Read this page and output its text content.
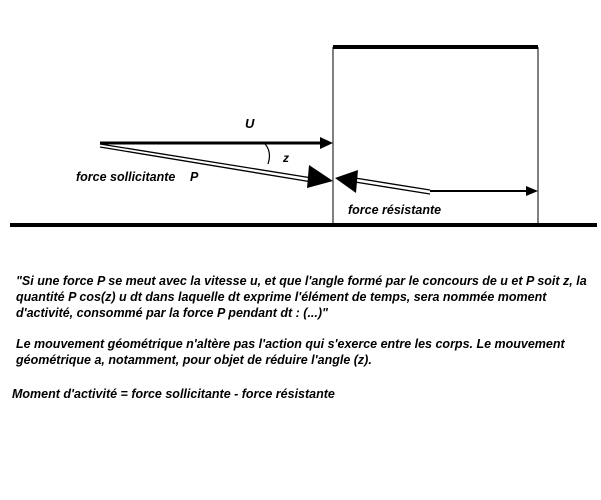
U
z
force sollicitante P
force résistante

"Si une force P se meut avec la vitesse u, et que l'angle formé par le concours de u et P soit z, la quantité P cos(z) u dt dans laquelle dt exprime l'élément de temps, sera nommée moment d'activité, consommé par la force P pendant dt : (...)"

Le mouvement géométrique n'altère pas l'action qui s'exerce entre les corps. Le mouvement géométrique a, notamment, pour objet de réduire l'angle (z).

Moment d'activité = force sollicitante - force résistante
